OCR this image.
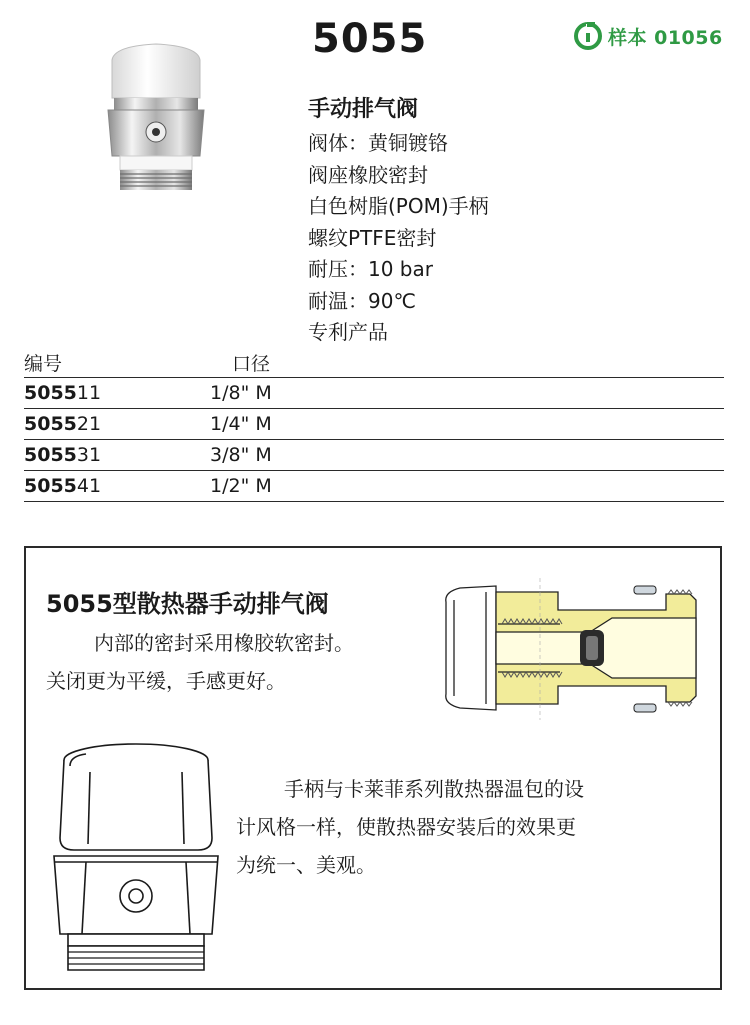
样本 01056
5055
手动排气阀
阀体：黄铜镀铬
阀座橡胶密封
白色树脂(POM)手柄
螺纹PTFE密封
耐压：10 bar
耐温：90℃
专利产品
编号	口径
505511	1/8" M
505521	1/4" M
505531	3/8" M
505541	1/2" M
5055型散热器手动排气阀
内部的密封采用橡胶软密封。
关闭更为平缓，手感更好。
手柄与卡莱菲系列散热器温包的设
计风格一样，使散热器安装后的效果更
为统一、美观。
